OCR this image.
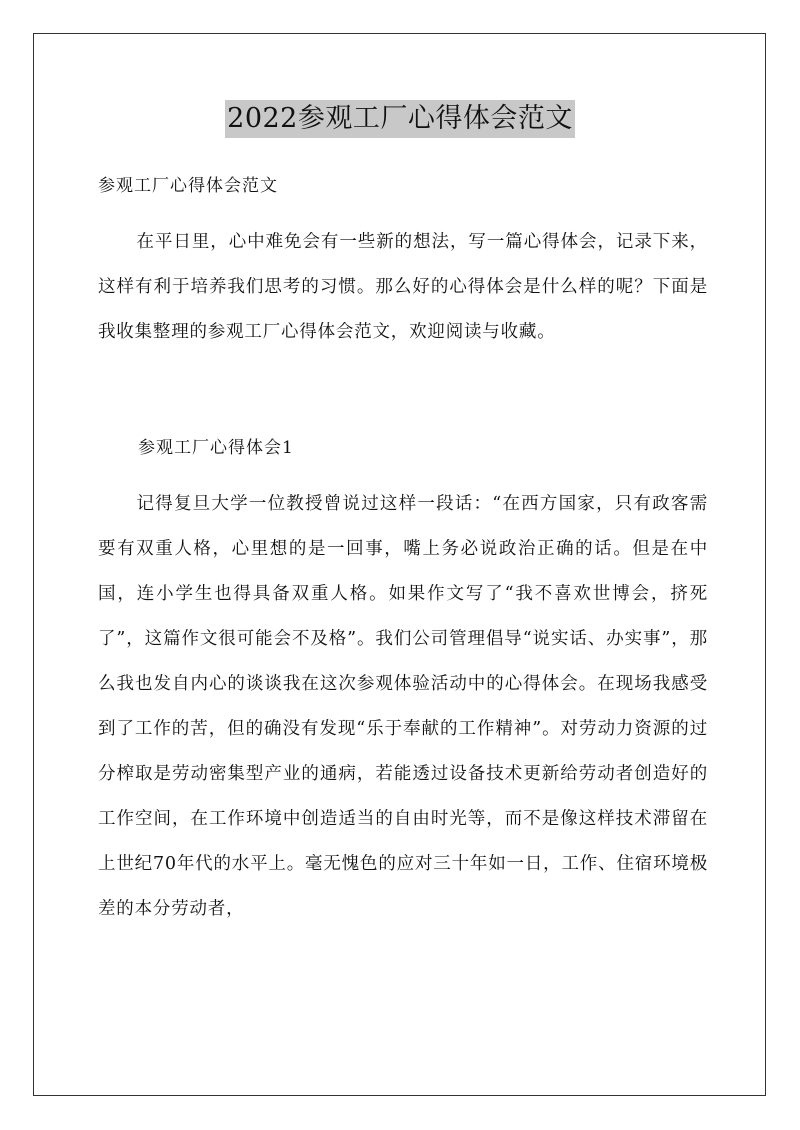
2022参观工厂心得体会范文
参观工厂心得体会范文

在平日里，心中难免会有一些新的想法，写一篇心得体会，记录下来，这样有利于培养我们思考的习惯。那么好的心得体会是什么样的呢？下面是我收集整理的参观工厂心得体会范文，欢迎阅读与收藏。

参观工厂心得体会1

记得复旦大学一位教授曾说过这样一段话：“在西方国家，只有政客需要有双重人格，心里想的是一回事，嘴上务必说政治正确的话。但是在中国，连小学生也得具备双重人格。如果作文写了“我不喜欢世博会，挤死了”，这篇作文很可能会不及格”。我们公司管理倡导“说实话、办实事”，那么我也发自内心的谈谈我在这次参观体验活动中的心得体会。在现场我感受到了工作的苦，但的确没有发现“乐于奉献的工作精神”。对劳动力资源的过分榨取是劳动密集型产业的通病，若能透过设备技术更新给劳动者创造好的工作空间，在工作环境中创造适当的自由时光等，而不是像这样技术滞留在上世纪70年代的水平上。毫无愧色的应对三十年如一日，工作、住宿环境极差的本分劳动者，
